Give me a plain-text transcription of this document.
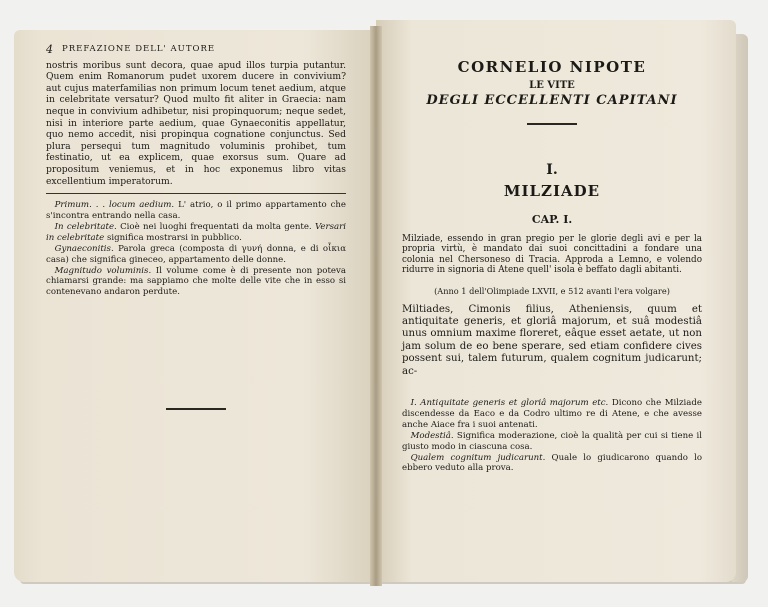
4 PREFAZIONE DELL' AUTORE

nostris moribus sunt decora, quae apud illos turpia putantur. Quem enim Romanorum pudet uxorem ducere in convivium? aut cujus materfamilias non primum locum tenet aedium, atque in celebritate versatur? Quod multo fit aliter in Graecia: nam neque in convivium adhibetur, nisi propinquorum; neque sedet, nisi in interiore parte aedium, quae Gynaeconitis appellatur, quo nemo accedit, nisi propinqua cognatione conjunctus. Sed plura persequi tum magnitudo voluminis prohibet, tum festinatio, ut ea explicem, quae exorsus sum. Quare ad propositum veniemus, et in hoc exponemus libro vitas excellentium imperatorum.

 Primum. . . locum aedium. L' atrio, o il primo appartamento che s'incontra entrando nella casa.

 In celebritate. Cioè nei luoghi frequentati da molta gente. Versari in celebritate significa mostrarsi in pubblico.

 Gynaeconitis. Parola greca (composta di γυνή donna, e di οἶκια casa) che significa gineceo, appartamento delle donne.

 Magnitudo voluminis. Il volume come è di presente non poteva chiamarsi grande: ma sappiamo che molte delle vite che in esso si contenevano andaron perdute.

CORNELIO NIPOTE
LE VITE
DEGLI ECCELLENTI CAPITANI
I.
MILZIADE
CAP. I.
Milziade, essendo in gran pregio per le glorie degli avi e per la propria virtù, è mandato dai suoi concittadini a fondare una colonia nel Chersoneso di Tracia. Approda a Lemno, e volendo ridurre in signoria di Atene quell' isola è beffato dagli abitanti.
(Anno 1 dell'Olimpiade LXVII, e 512 avanti l'era volgare)
Miltiades, Cimonis filius, Atheniensis, quum et antiquitate generis, et gloriâ majorum, et suâ modestiâ unus omnium maxime floreret, eâque esset aetate, ut non jam solum de eo bene sperare, sed etiam confidere cives possent sui, talem futurum, qualem cognitum judicarunt; ac-

 I. Antiquitate generis et gloriâ majorum etc. Dicono che Milziade discendesse da Eaco e da Codro ultimo re di Atene, e che avesse anche Aiace fra i suoi antenati.

 Modestiâ. Significa moderazione, cioè la qualità per cui si tiene il giusto modo in ciascuna cosa.

 Qualem cognitum judicarunt. Quale lo giudicarono quando lo ebbero veduto alla prova.
